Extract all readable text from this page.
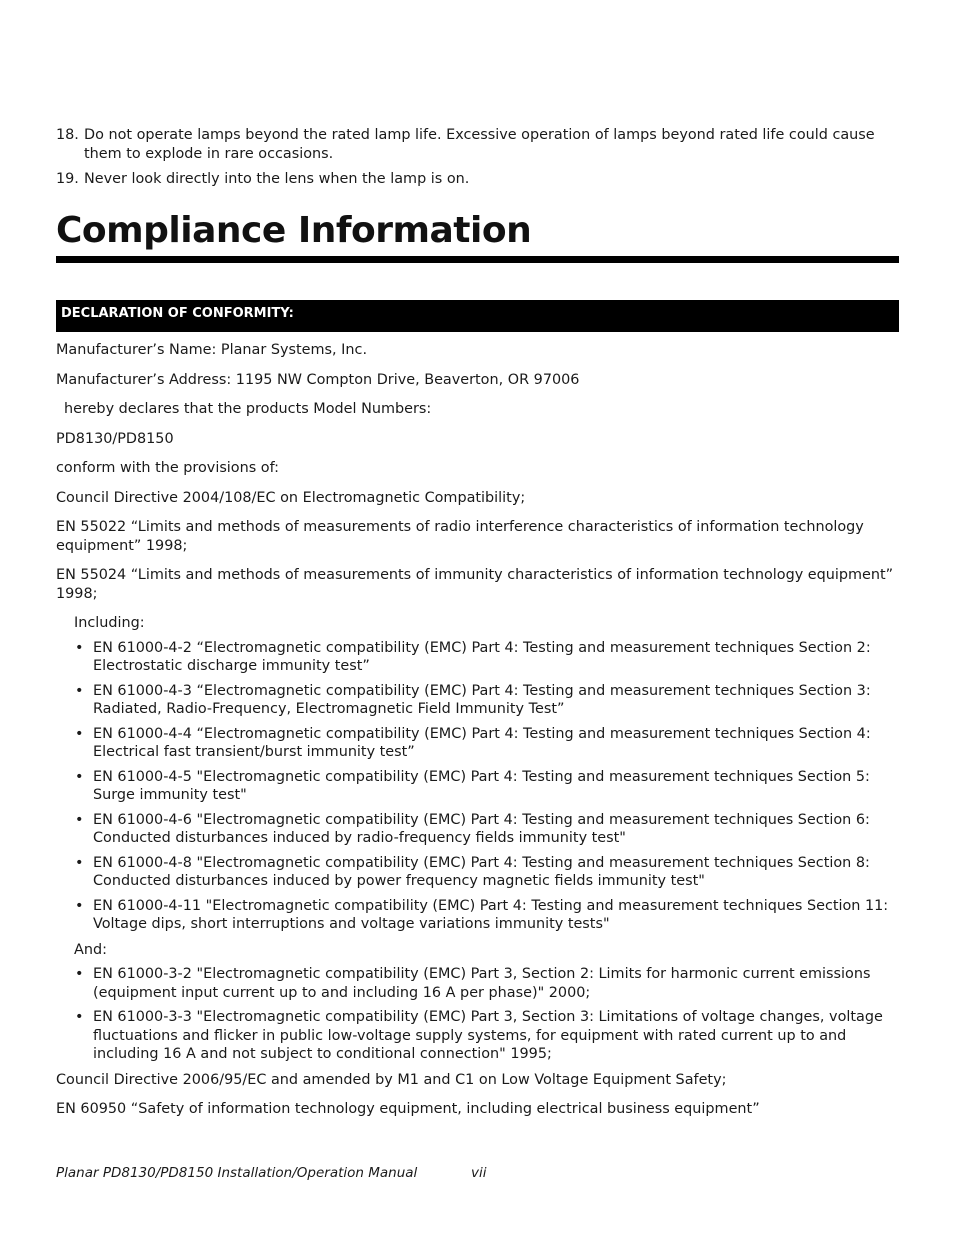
18. Do not operate lamps beyond the rated lamp life. Excessive operation of lamps beyond rated life could cause them to explode in rare occasions.
19. Never look directly into the lens when the lamp is on.
Compliance Information
DECLARATION OF CONFORMITY:

Manufacturer’s Name: Planar Systems, Inc.

Manufacturer’s Address: 1195 NW Compton Drive, Beaverton, OR 97006

hereby declares that the products Model Numbers:

PD8130/PD8150

conform with the provisions of:

Council Directive 2004/108/EC on Electromagnetic Compatibility;

EN 55022 “Limits and methods of measurements of radio interference characteristics of information technology equipment” 1998;

EN 55024 “Limits and methods of measurements of immunity characteristics of information technology equipment” 1998;

Including:

• EN 61000-4-2 “Electromagnetic compatibility (EMC) Part 4: Testing and measurement techniques Section 2: Electrostatic discharge immunity test”
• EN 61000-4-3 “Electromagnetic compatibility (EMC) Part 4: Testing and measurement techniques Section 3: Radiated, Radio-Frequency, Electromagnetic Field Immunity Test”
• EN 61000-4-4 “Electromagnetic compatibility (EMC) Part 4: Testing and measurement techniques Section 4: Electrical fast transient/burst immunity test”
• EN 61000-4-5 "Electromagnetic compatibility (EMC) Part 4: Testing and measurement techniques Section 5: Surge immunity test"
• EN 61000-4-6 "Electromagnetic compatibility (EMC) Part 4: Testing and measurement techniques Section 6: Conducted disturbances induced by radio-frequency fields immunity test"
• EN 61000-4-8 "Electromagnetic compatibility (EMC) Part 4: Testing and measurement techniques Section 8: Conducted disturbances induced by power frequency magnetic fields immunity test"
• EN 61000-4-11 "Electromagnetic compatibility (EMC) Part 4: Testing and measurement techniques Section 11: Voltage dips, short interruptions and voltage variations immunity tests"

And:

• EN 61000-3-2 "Electromagnetic compatibility (EMC) Part 3, Section 2: Limits for harmonic current emissions (equipment input current up to and including 16 A per phase)" 2000;
• EN 61000-3-3 "Electromagnetic compatibility (EMC) Part 3, Section 3: Limitations of voltage changes, voltage fluctuations and flicker in public low-voltage supply systems, for equipment with rated current up to and including 16 A and not subject to conditional connection" 1995;

Council Directive 2006/95/EC and amended by M1 and C1 on Low Voltage Equipment Safety;

EN 60950 “Safety of information technology equipment, including electrical business equipment”

Planar PD8130/PD8150 Installation/Operation Manual	vii
